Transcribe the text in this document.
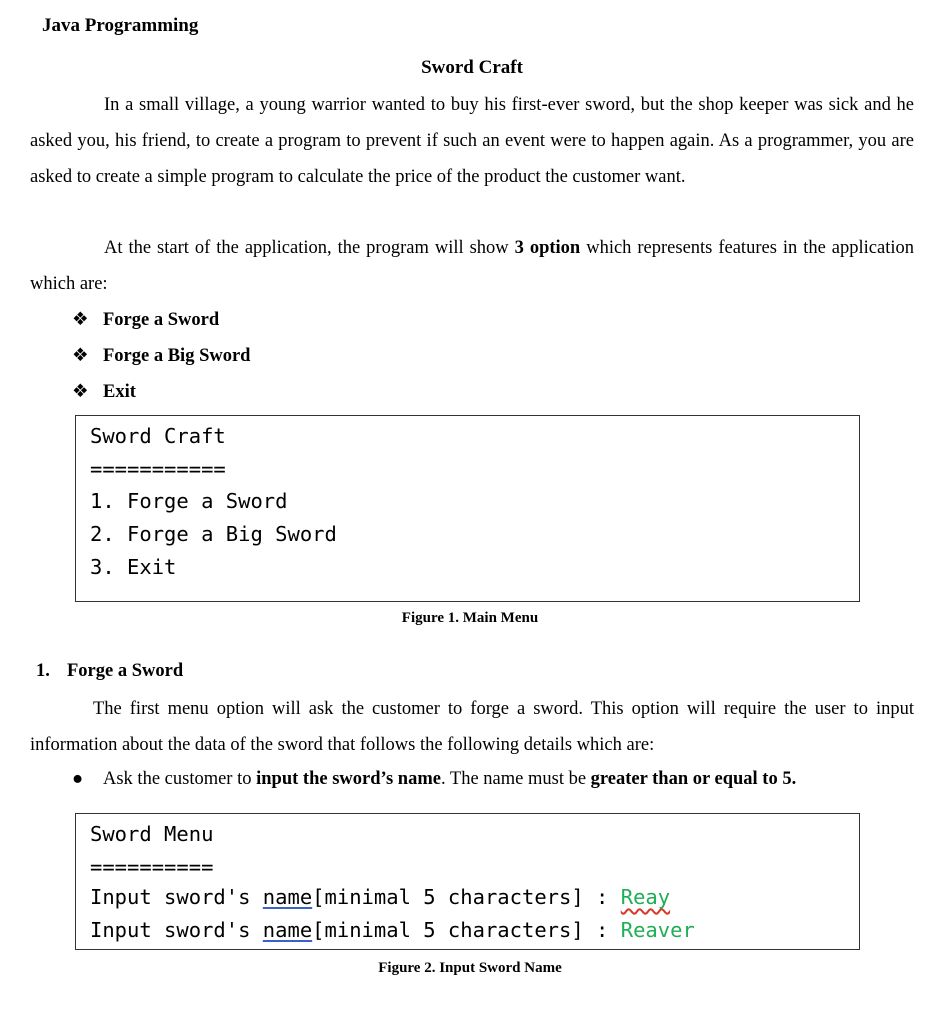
Java Programming
Sword Craft
In a small village, a young warrior wanted to buy his first-ever sword, but the shop keeper was sick and he asked you, his friend, to create a program to prevent if such an event were to happen again. As a programmer, you are asked to create a simple program to calculate the price of the product the customer want.
At the start of the application, the program will show 3 option which represents features in the application which are:
❖ Forge a Sword
❖ Forge a Big Sword
❖ Exit
Sword Craft
===========
1. Forge a Sword
2. Forge a Big Sword
3. Exit
Figure 1. Main Menu
1. Forge a Sword
The first menu option will ask the customer to forge a sword. This option will require the user to input information about the data of the sword that follows the following details which are:
● Ask the customer to input the sword’s name. The name must be greater than or equal to 5.
Sword Menu
==========
Input sword's name[minimal 5 characters] : Reay
Input sword's name[minimal 5 characters] : Reaver
Figure 2. Input Sword Name
